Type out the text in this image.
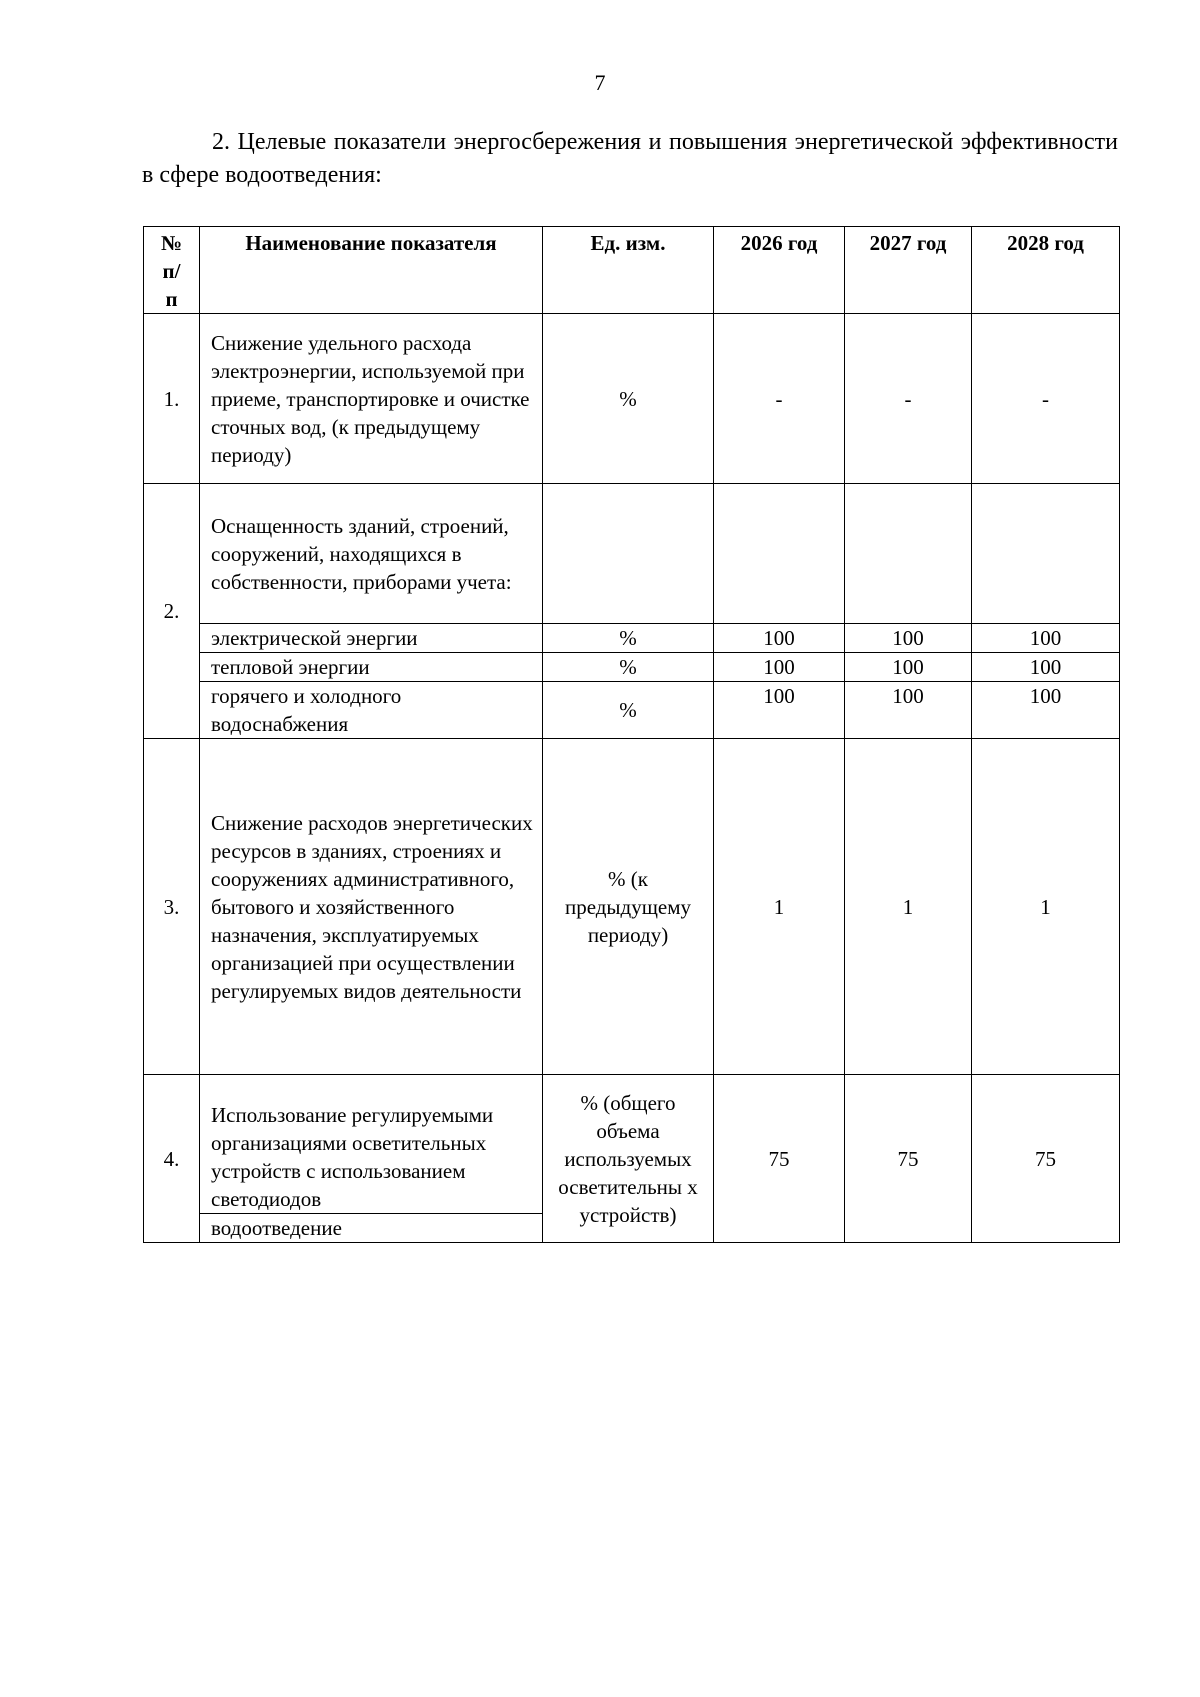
7
2. Целевые показатели энергосбережения и повышения энергетической эффективности в сфере водоотведения:
№ п/ п	Наименование показателя	Ед. изм.	2026 год	2027 год	2028 год
1.	Снижение удельного расхода электроэнергии, используемой при приеме, транспортировке и очистке сточных вод, (к предыдущему периоду)	%	-	-	-
2.	Оснащенность зданий, строений, сооружений, находящихся в собственности, приборами учета:				
	электрической энергии	%	100	100	100
	тепловой энергии	%	100	100	100
	горячего и холодного водоснабжения	%	100	100	100
3.	Снижение расходов энергетических ресурсов в зданиях, строениях и сооружениях административного, бытового и хозяйственного назначения, эксплуатируемых организацией при осуществлении регулируемых видов деятельности	% (к предыдущему периоду)	1	1	1
4.	Использование регулируемыми организациями осветительных устройств с использованием светодиодов
водоотведение	% (общего объема используемых осветительны х устройств)	75	75	75
